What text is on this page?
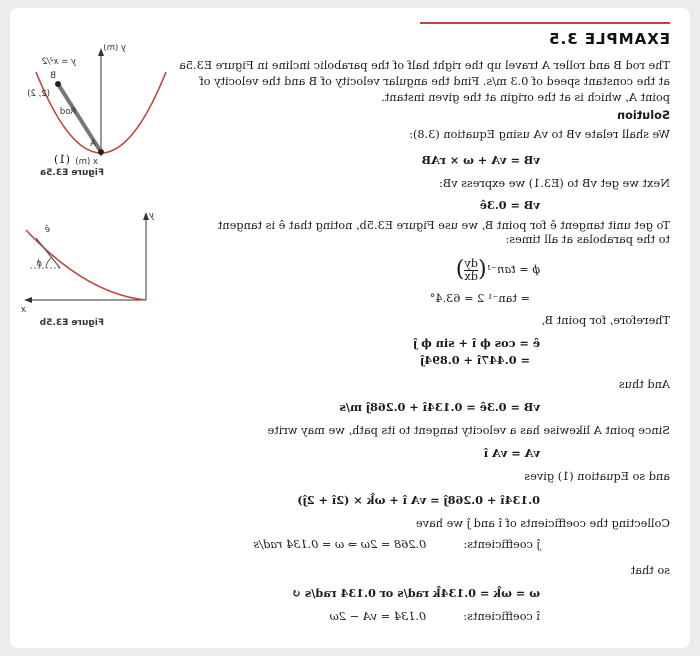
EXAMPLE 3.5
The rod B and roller A travel up the right half of the parabolic incline in Figure E3.5a
at the constant speed of 0.3 m/s. Find the angular velocity of B and the velocity of
point A, which is at the origin at the given instant.
Solution
We shall relate vB to vA using Equation (3.8):
vB = vA + ω × rAB
(1)
Next we get vB to (E3.1) we express vB:
vB = 0.3ê
To get unit tangent ê for point B, we use Figure E3.5b, noting that ê is tangent
to the parabolas at all times:
ϕ = tan⁻¹(
$\frac{dy}{dx}$
)
= tan⁻¹ 2 = 63.4°
Therefore, for point B,
ê = cos ϕ î + sin ϕ ĵ
= 0.447î + 0.894ĵ
And thus
vB = 0.3ê = 0.134î + 0.268ĵ m/s
Since point A likewise has a velocity tangent to its path, we may write
vA = vA î
and so Equation (1) gives
0.134î + 0.268ĵ = vA î + ωk̂ × (2î + 2ĵ)
Collecting the coefficients of î and ĵ we have
ĵ coefficients:  0.268 = 2ω ⇒ ω = 0.134 rad/s
so that
ω = ωk̂ = 0.134k̂ rad/s or 0.134 rad/s ↺
î coefficients:  0.134 = vA − 2ω
y (m)
x (m)
y = x²/2
A
B
(2, 2)
Rod
Figure E3.5a
ê
ϕ
y
x
Figure E3.5b
